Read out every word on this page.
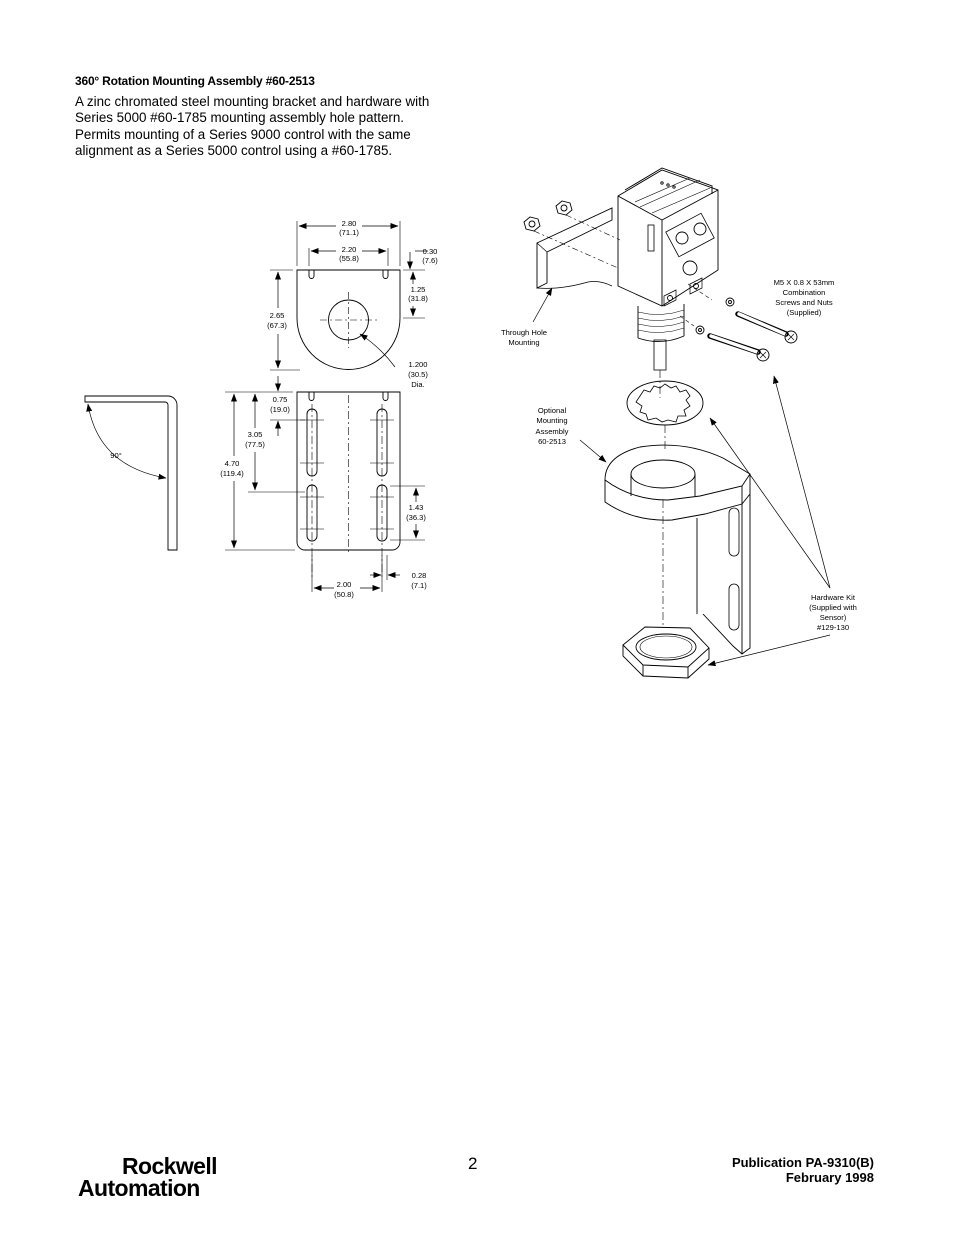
360° Rotation Mounting Assembly #60-2513
A zinc chromated steel mounting bracket and hardware with
Series 5000 #60-1785 mounting assembly hole pattern.
Permits mounting of a Series 9000 control with the same
alignment as a Series 5000 control using a #60-1785.
2.80
(71.1)
2.20
(55.8)
0.30
(7.6)
1.25
(31.8)
2.65
(67.3)
1.200
(30.5)
Dia.
0.75
(19.0)
3.05
(77.5)
4.70
(119.4)
1.43
(36.3)
2.00
(50.8)
0.28
(7.1)
90°
Through Hole
Mounting
M5 X 0.8 X 53mm
Combination
Screws and Nuts
(Supplied)
Optional
Mounting
Assembly
60-2513
Hardware Kit
(Supplied with
Sensor)
#129-130
Rockwell
Automation
2	Publication PA-9310(B)
February 1998
